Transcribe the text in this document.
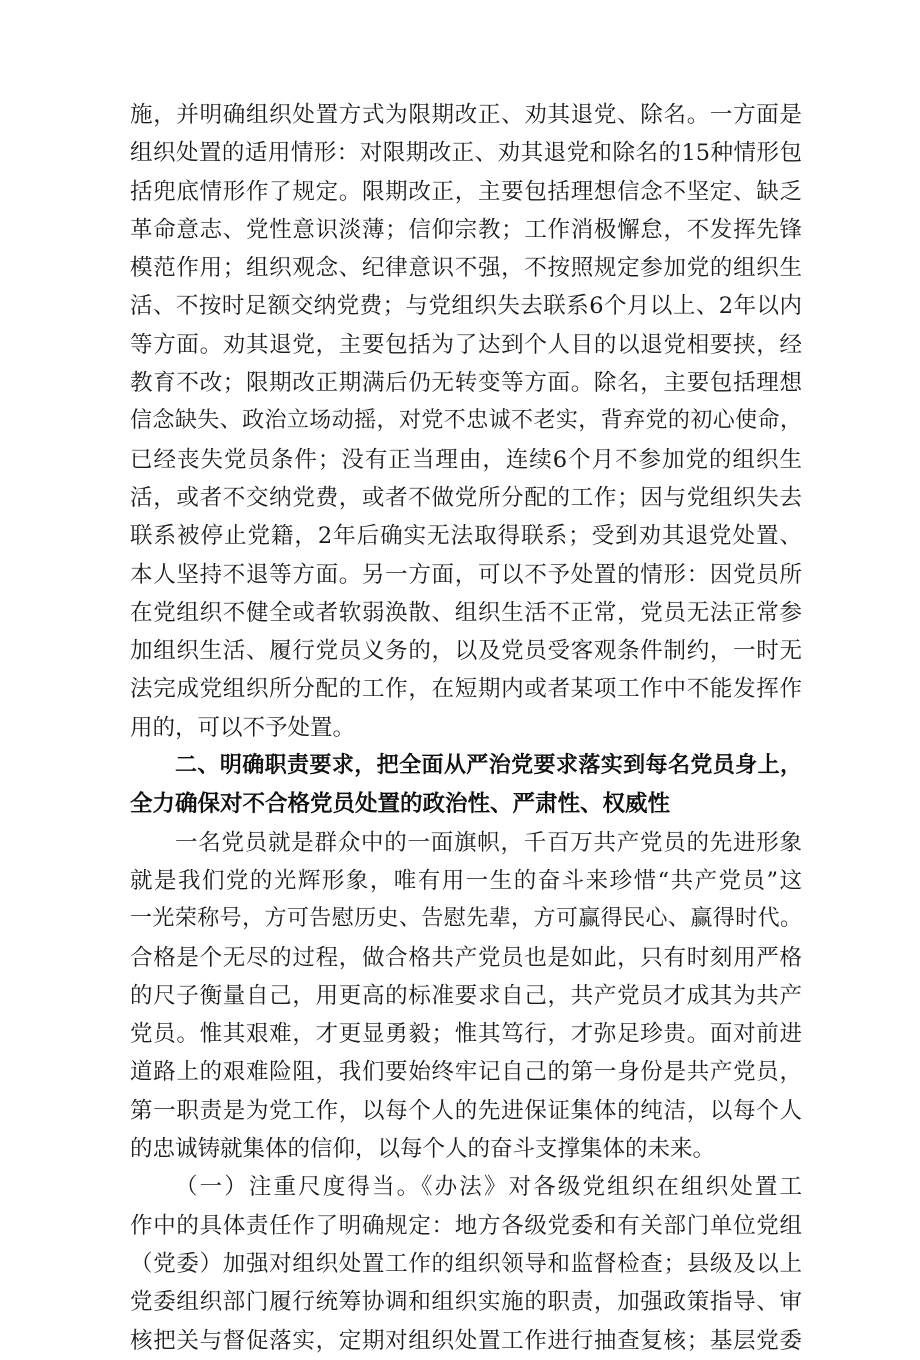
施，并明确组织处置方式为限期改正、劝其退党、除名。一方面是
组织处置的适用情形：对限期改正、劝其退党和除名的15种情形包
括兜底情形作了规定。限期改正，主要包括理想信念不坚定、缺乏
革命意志、党性意识淡薄；信仰宗教；工作消极懈怠，不发挥先锋
模范作用；组织观念、纪律意识不强，不按照规定参加党的组织生
活、不按时足额交纳党费；与党组织失去联系6个月以上、2年以内
等方面。劝其退党，主要包括为了达到个人目的以退党相要挟，经
教育不改；限期改正期满后仍无转变等方面。除名，主要包括理想
信念缺失、政治立场动摇，对党不忠诚不老实，背弃党的初心使命，
已经丧失党员条件；没有正当理由，连续6个月不参加党的组织生
活，或者不交纳党费，或者不做党所分配的工作；因与党组织失去
联系被停止党籍，2年后确实无法取得联系；受到劝其退党处置、
本人坚持不退等方面。另一方面，可以不予处置的情形：因党员所
在党组织不健全或者软弱涣散、组织生活不正常，党员无法正常参
加组织生活、履行党员义务的，以及党员受客观条件制约，一时无
法完成党组织所分配的工作，在短期内或者某项工作中不能发挥作
用的，可以不予处置。
二、明确职责要求，把全面从严治党要求落实到每名党员身上，
全力确保对不合格党员处置的政治性、严肃性、权威性
一名党员就是群众中的一面旗帜，千百万共产党员的先进形象
就是我们党的光辉形象，唯有用一生的奋斗来珍惜“共产党员”这
一光荣称号，方可告慰历史、告慰先辈，方可赢得民心、赢得时代。
合格是个无尽的过程，做合格共产党员也是如此，只有时刻用严格
的尺子衡量自己，用更高的标准要求自己，共产党员才成其为共产
党员。惟其艰难，才更显勇毅；惟其笃行，才弥足珍贵。面对前进
道路上的艰难险阻，我们要始终牢记自己的第一身份是共产党员，
第一职责是为党工作，以每个人的先进保证集体的纯洁，以每个人
的忠诚铸就集体的信仰，以每个人的奋斗支撑集体的未来。
（一）注重尺度得当。《办法》对各级党组织在组织处置工
作中的具体责任作了明确规定：地方各级党委和有关部门单位党组
（党委）加强对组织处置工作的组织领导和监督检查；县级及以上
党委组织部门履行统筹协调和组织实施的职责，加强政策指导、审
核把关与督促落实，定期对组织处置工作进行抽查复核；基层党委
